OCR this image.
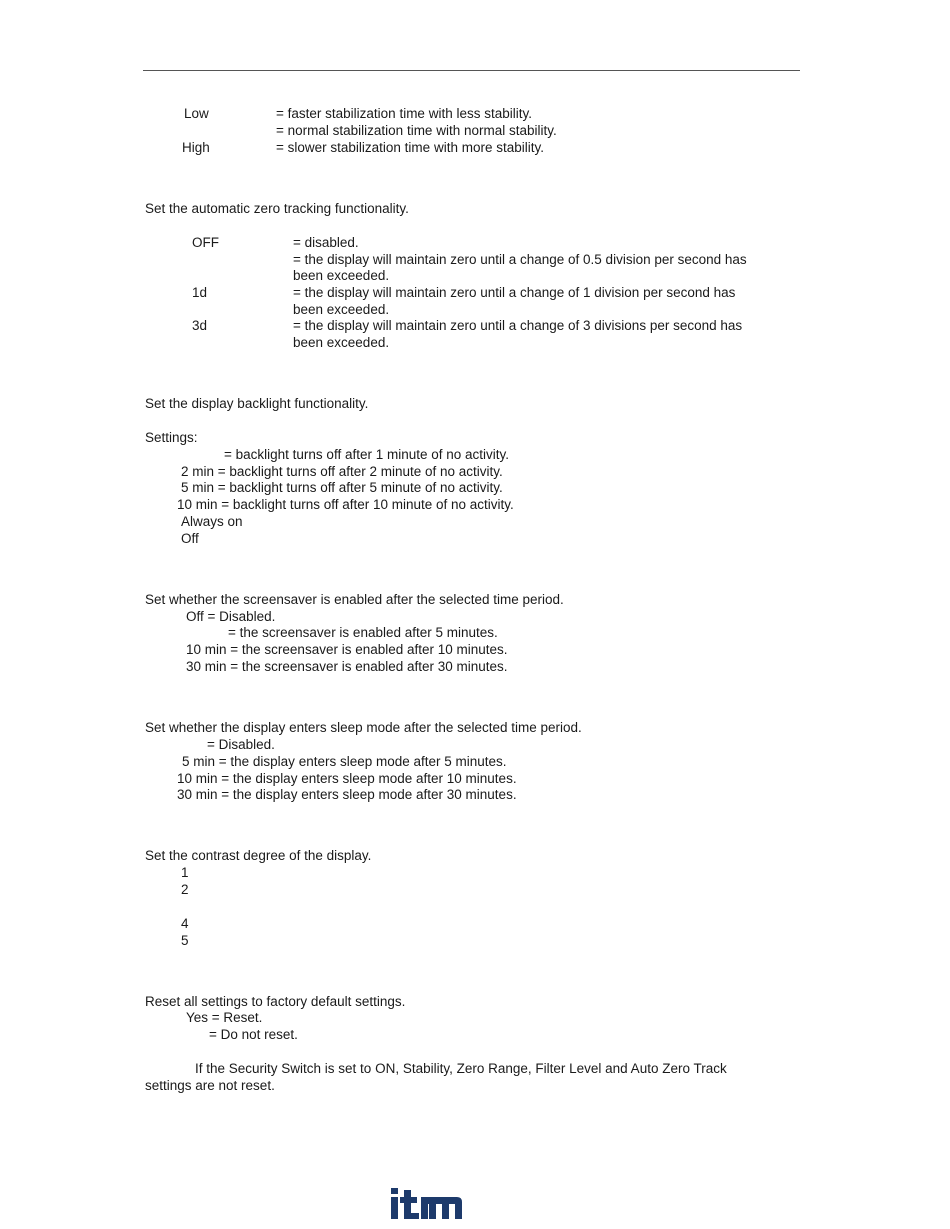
Low	= faster stabilization time with less stability.
= normal stabilization time with normal stability.
High	= slower stabilization time with more stability.
Set the automatic zero tracking functionality.
OFF	= disabled.
= the display will maintain zero until a change of 0.5 division per second has
been exceeded.
1d	= the display will maintain zero until a change of 1 division per second has
been exceeded.
3d	= the display will maintain zero until a change of 3 divisions per second has
been exceeded.
Set the display backlight functionality.
Settings:
= backlight turns off after 1 minute of no activity.
2 min = backlight turns off after 2 minute of no activity.
5 min = backlight turns off after 5 minute of no activity.
10 min = backlight turns off after 10 minute of no activity.
Always on
Off
Set whether the screensaver is enabled after the selected time period.
Off = Disabled.
= the screensaver is enabled after 5 minutes.
10 min = the screensaver is enabled after 10 minutes.
30 min = the screensaver is enabled after 30 minutes.
Set whether the display enters sleep mode after the selected time period.
= Disabled.
5 min = the display enters sleep mode after 5 minutes.
10 min = the display enters sleep mode after 10 minutes.
30 min = the display enters sleep mode after 30 minutes.
Set the contrast degree of the display.
1
2
4
5
Reset all settings to factory default settings.
Yes = Reset.
= Do not reset.
If the Security Switch is set to ON, Stability, Zero Range, Filter Level and Auto Zero Track
settings are not reset.
